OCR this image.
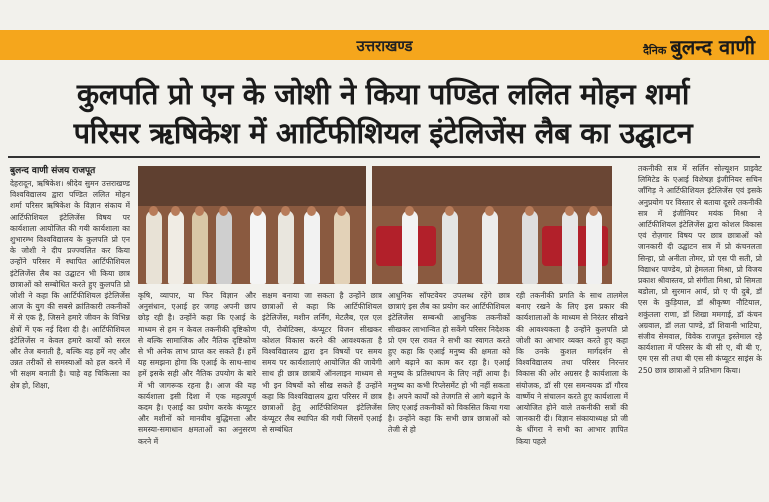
उत्तराखण्ड	दैनिक बुलन्द वाणी
कुलपति प्रो एन के जोशी ने किया पण्डित ललित मोहन शर्मा
परिसर ऋषिकेश में आर्टिफीशियल इंटेलिजेंस लैब का उद्घाटन
बुलन्द वाणी संजय राजपूत
देहरादून, ऋषिकेश। श्रीदेव सुमन उत्तराखण्ड विश्वविद्यालय द्वारा पण्डित ललित मोहन शर्मा परिसर ऋषिकेश के विज्ञान संकाय में आर्टिफीशियल इंटेलिजेंस विषय पर कार्यशाला आयोजित की गयी कार्यशाला का शुभारम्भ विश्वविद्यालय के कुलपति प्रो एन के जोशी ने दीप प्रज्ज्वलित कर किया उन्होंने परिसर में स्थापित आर्टिफीशियल इंटेलिजेंस लैब का उद्घाटन भी किया छात्र छात्राओं को सम्बोधित करते हुए कुलपति प्रो जोशी ने कहा कि आर्टिफीशियल इंटेलिजेंस आज के युग की सबसे क्रांतिकारी तकनीकों में से एक है, जिसने हमारे जीवन के विभिन्न क्षेत्रों में एक नई दिशा दी है। आर्टिफीशियल इंटेलिजेंस न केवल हमारे कार्यों को सरल और तेज बनाती है, बल्कि यह हमें नए और उन्नत तरीकों से समस्याओं को हल करने में भी सक्षम बनाती है। चाहे वह चिकित्सा का क्षेत्र हो, शिक्षा,
कृषि, व्यापार, या फिर विज्ञान और अनुसंधान, एआई हर जगह अपनी छाप छोड़ रही है। उन्होंने कहा कि एआई के माध्यम से हम न केवल तकनीकी दृष्टिकोण से बल्कि सामाजिक और नैतिक दृष्टिकोण से भी अनेक लाभ प्राप्त कर सकते हैं। हमें यह समझना होगा कि एआई के साथ-साथ हमें इसके सही और नैतिक उपयोग के बारे में भी जागरूक रहना है। आज की यह कार्यशाला इसी दिशा में एक महत्वपूर्ण कदम है। एआई का प्रयोग करके कंप्यूटर और मशीनों को मानवीय बुद्धिमत्ता और समस्या-समाधान क्षमताओं का अनुसरण करने में
सक्षम बनाया जा सकता है उन्होंने छात्र छात्राओं से कहा कि आर्टिफीशियल इंटेलिजेंस, मशीन लर्निंग, मेटलैब, एल एल पी, रोबोटिक्स, कंप्यूटर विजन सीखकर कोशल विकास करने की आवश्यकता है विश्वविद्यालय द्वारा इन विषयों पर समय समय पर कार्यशालाएं आयोजित की जायेगी साथ ही छात्र छात्रायें ऑनलाइन माध्यम से भी इन विषयों को सीख सकते हैं उन्होंने कहा कि विश्वविद्यालय द्वारा परिसर में छात्र छात्राओं हेतु आर्टिफीशियल इंटेलिजेंस कंप्यूटर लैब स्थापित की गयी जिसमें एआई से सम्बंधित
आधुनिक सॉफ्टवेयर उपलब्ध रहेंगे छात्र छात्राएं इस लैब का प्रयोग कर आर्टिफीशियल इंटेलिजेंस सम्बन्धी आधुनिक तकनीकों सीखकर लाभान्वित हो सकेंगे परिसर निदेशक प्रो एम एस रावत ने सभी का स्वागत करते हुए कहा कि एआई मनुष्य की क्षमता को आगे बढ़ाने का काम कर रहा है। एआई मनुष्य के प्रतिस्थापन के लिए नहीं आया है। मनुष्य का कभी रिप्लेसमेंट हो भी नहीं सकता है। अपने कार्यों को तेजगति से आगे बढ़ाने के लिए एआई तकनीकों को विकसित किया गया है। उन्होंने कहा कि सभी छात्र छात्राओं को तेजी से हो
रही तकनीकी प्रगति के साथ तालमेल बनाए रखने के लिए इस प्रकार की कार्यशालाओं के माध्यम से निरंतर सीखने की आवश्यकता है उन्होंने कुलपति प्रो जोशी का आभार व्यक्त करते हुए कहा कि उनके कुशल मार्गदर्शन से विश्वविद्यालय तथा परिसर निरन्तर विकास की ओर अग्रसर है कार्यशाला के संयोजक, डॉ सी एस समन्वयक डॉ गौरव वार्ष्णेय ने संचालन करते हुए कार्यशाला में आयोजित होने वाले तकनीकी सत्रों की जानकारी दी। विज्ञान संकायाध्यक्ष प्रो जी के धींगरा ने सभी का आभार ज्ञापित किया पहले
तकनीकी सत्र में सर्लिन सोल्यूशन प्राइवेट लिमिटेड के एआई विशेषज्ञ इंजीनियर सचिन जाँगिड़ ने आर्टिफीशियल इंटेलिजेंस एवं इसके अनुप्रयोग पर विस्तार से बताया दूसरे तकनीकी सत्र में इंजीनियर मयंक मिश्रा ने आर्टिफीशियल इंटेलिजेंस द्वारा कोशल विकास एवं रोज़गार विषय पर छात्र छात्राओं को जानकारी दी उद्घाटन सत्र में प्रो कंचनलता सिन्हा, प्रो अनीता तोमर, प्रो एस पी सती, प्रो विद्याधर पाण्डेय, प्रो हेमलता मिश्रा, प्रो विजय प्रकाश श्रीवास्तव, प्रो संगीता मिश्रा, प्रो सिमता बडोला, प्रो सुरमान आर्य, प्रो ए पी दुबे, डॉ एस के कुड़ियाल, डॉ श्रीकृष्ण नौटियाल, शकुंतला राणा, डॉ शिखा ममगाई, डॉ कंचन अग्रवाल, डॉ लता पाण्डे, डॉ शिवानी भाटिया, संजीव सेमवाल, विवेक राजपूत इस्तेमाल रहे कार्यशाला में परिसर के बी सी ए, बी बी ए, एम एस सी तथा बी एस सी कंप्यूटर साइंस के 250 छात्र छात्राओं ने प्रतिभाग किया।
